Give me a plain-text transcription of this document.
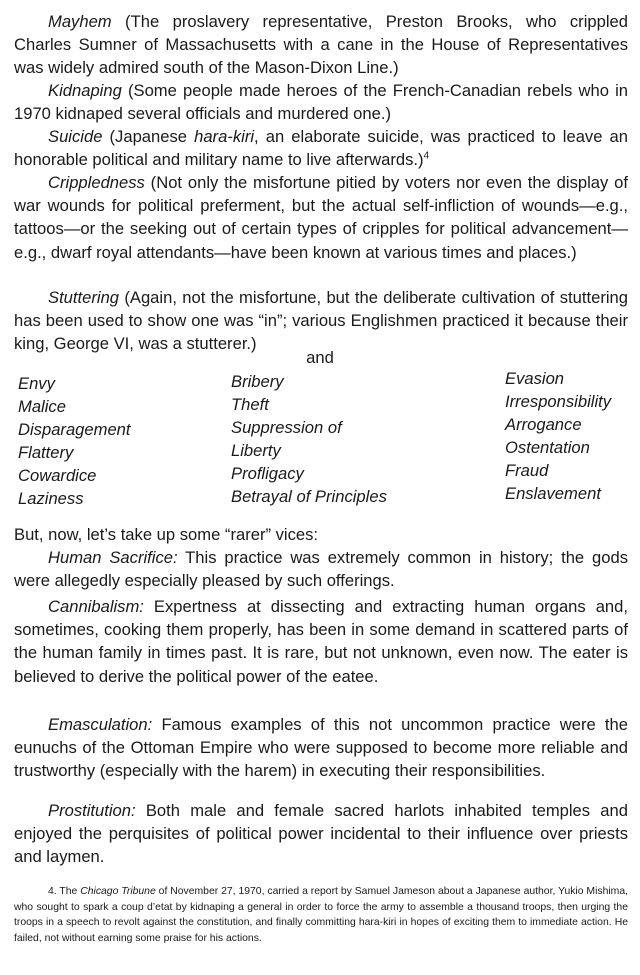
Mayhem (The proslavery representative, Preston Brooks, who crippled Charles Sumner of Massachusetts with a cane in the House of Representatives was widely admired south of the Mason-Dixon Line.)

Kidnaping (Some people made heroes of the French-Canadian rebels who in 1970 kidnaped several officials and murdered one.)

Suicide (Japanese hara-kiri, an elaborate suicide, was practiced to leave an honorable political and military name to live afterwards.)$^4$

Crippledness (Not only the misfortune pitied by voters nor even the display of war wounds for political preferment, but the actual self-infliction of wounds—e.g., tattoos—or the seeking out of certain types of cripples for political advancement—e.g., dwarf royal attendants—have been known at various times and places.)

Stuttering (Again, not the misfortune, but the deliberate cultivation of stuttering has been used to show one was “in”; various Englishmen practiced it because their king, George VI, was a stutterer.)

and
Envy
Malice
Disparagement
Flattery
Cowardice
Laziness
Bribery
Theft
Suppression of
Liberty
Profligacy
Betrayal of Principles
Evasion
Irresponsibility
Arrogance
Ostentation
Fraud
Enslavement

But, now, let’s take up some “rarer” vices:

Human Sacrifice: This practice was extremely common in history; the gods were allegedly especially pleased by such offerings.

Cannibalism: Expertness at dissecting and extracting human organs and, sometimes, cooking them properly, has been in some demand in scattered parts of the human family in times past. It is rare, but not unknown, even now. The eater is believed to derive the political power of the eatee.

Emasculation: Famous examples of this not uncommon practice were the eunuchs of the Ottoman Empire who were supposed to become more reliable and trustworthy (especially with the harem) in executing their responsibilities.

Prostitution: Both male and female sacred harlots inhabited temples and enjoyed the perquisites of political power incidental to their influence over priests and laymen.

4. The Chicago Tribune of November 27, 1970, carried a report by Samuel Jameson about a Japanese author, Yukio Mishima, who sought to spark a coup d’etat by kidnaping a general in order to force the army to assemble a thousand troops, then urging the troops in a speech to revolt against the constitution, and finally committing hara-kiri in hopes of exciting them to immediate action. He failed, not without earning some praise for his actions.
